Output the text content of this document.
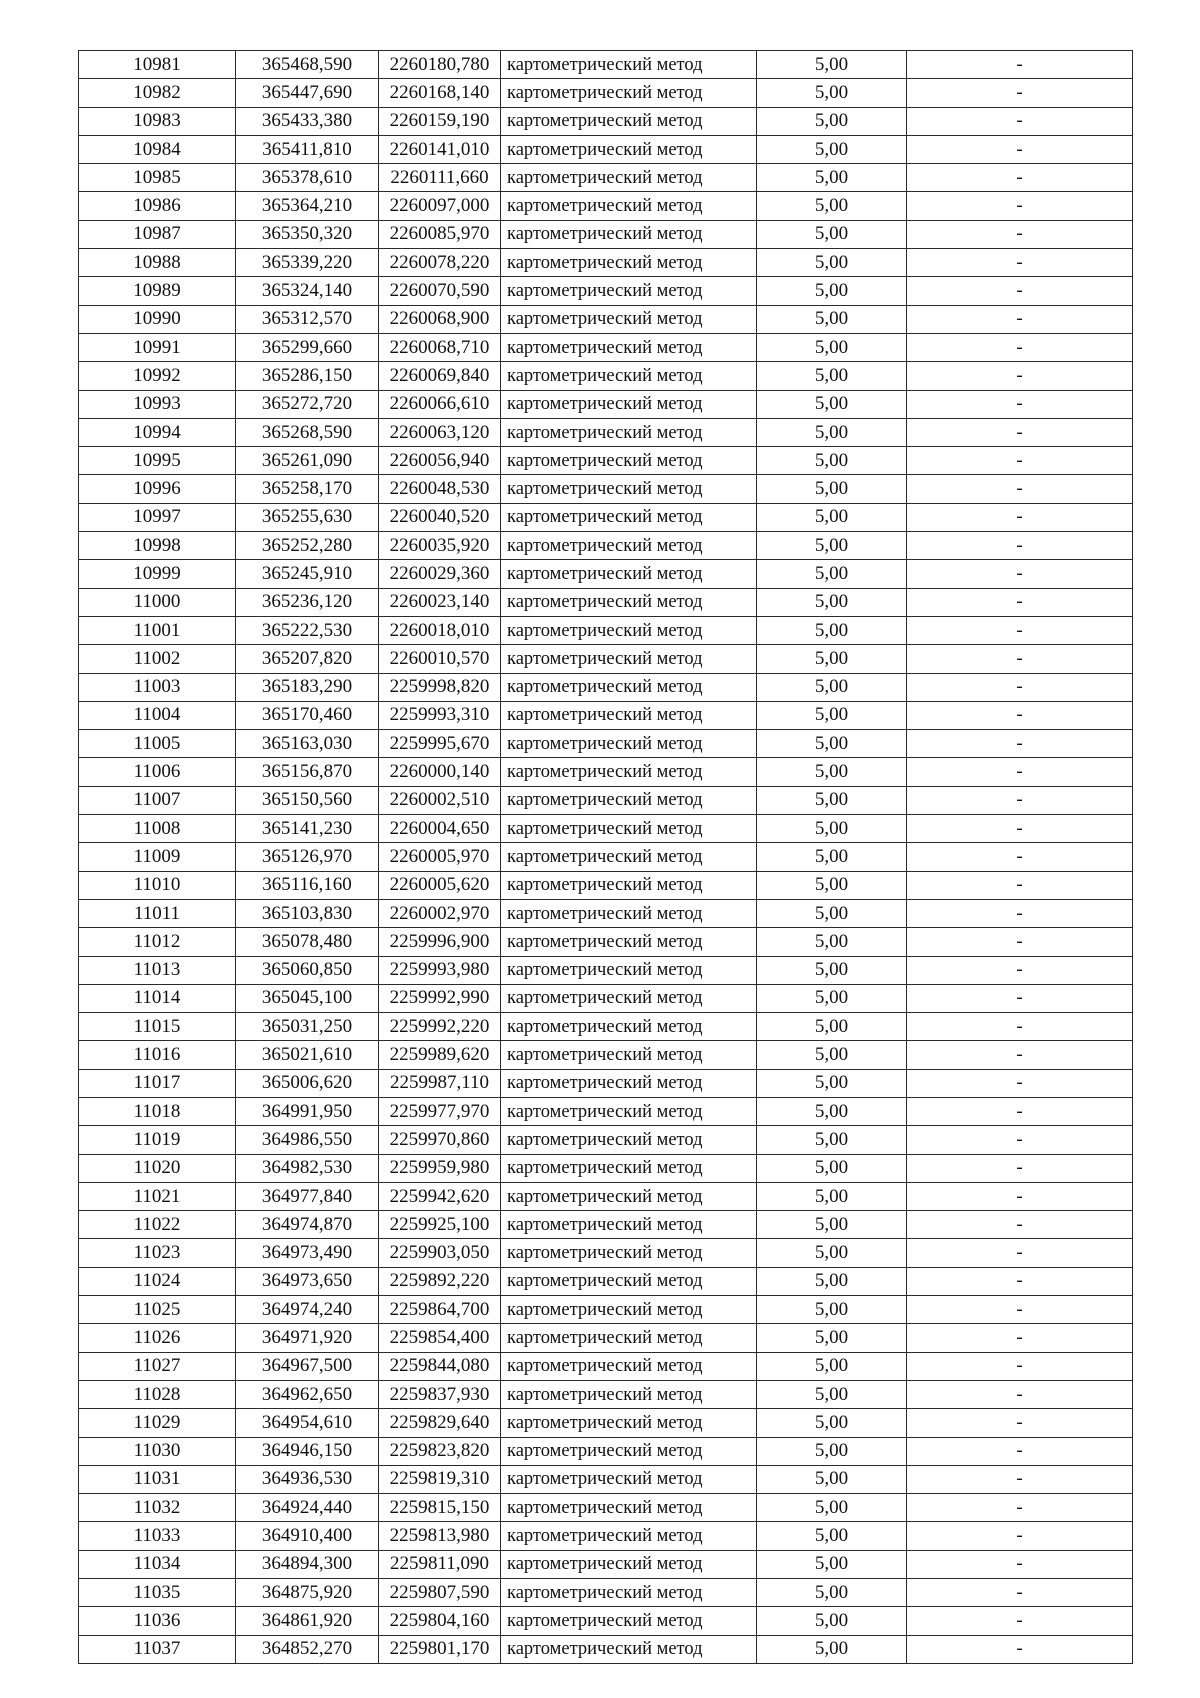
10981	365468,590	2260180,780	картометрический метод	5,00	-
10982	365447,690	2260168,140	картометрический метод	5,00	-
10983	365433,380	2260159,190	картометрический метод	5,00	-
10984	365411,810	2260141,010	картометрический метод	5,00	-
10985	365378,610	2260111,660	картометрический метод	5,00	-
10986	365364,210	2260097,000	картометрический метод	5,00	-
10987	365350,320	2260085,970	картометрический метод	5,00	-
10988	365339,220	2260078,220	картометрический метод	5,00	-
10989	365324,140	2260070,590	картометрический метод	5,00	-
10990	365312,570	2260068,900	картометрический метод	5,00	-
10991	365299,660	2260068,710	картометрический метод	5,00	-
10992	365286,150	2260069,840	картометрический метод	5,00	-
10993	365272,720	2260066,610	картометрический метод	5,00	-
10994	365268,590	2260063,120	картометрический метод	5,00	-
10995	365261,090	2260056,940	картометрический метод	5,00	-
10996	365258,170	2260048,530	картометрический метод	5,00	-
10997	365255,630	2260040,520	картометрический метод	5,00	-
10998	365252,280	2260035,920	картометрический метод	5,00	-
10999	365245,910	2260029,360	картометрический метод	5,00	-
11000	365236,120	2260023,140	картометрический метод	5,00	-
11001	365222,530	2260018,010	картометрический метод	5,00	-
11002	365207,820	2260010,570	картометрический метод	5,00	-
11003	365183,290	2259998,820	картометрический метод	5,00	-
11004	365170,460	2259993,310	картометрический метод	5,00	-
11005	365163,030	2259995,670	картометрический метод	5,00	-
11006	365156,870	2260000,140	картометрический метод	5,00	-
11007	365150,560	2260002,510	картометрический метод	5,00	-
11008	365141,230	2260004,650	картометрический метод	5,00	-
11009	365126,970	2260005,970	картометрический метод	5,00	-
11010	365116,160	2260005,620	картометрический метод	5,00	-
11011	365103,830	2260002,970	картометрический метод	5,00	-
11012	365078,480	2259996,900	картометрический метод	5,00	-
11013	365060,850	2259993,980	картометрический метод	5,00	-
11014	365045,100	2259992,990	картометрический метод	5,00	-
11015	365031,250	2259992,220	картометрический метод	5,00	-
11016	365021,610	2259989,620	картометрический метод	5,00	-
11017	365006,620	2259987,110	картометрический метод	5,00	-
11018	364991,950	2259977,970	картометрический метод	5,00	-
11019	364986,550	2259970,860	картометрический метод	5,00	-
11020	364982,530	2259959,980	картометрический метод	5,00	-
11021	364977,840	2259942,620	картометрический метод	5,00	-
11022	364974,870	2259925,100	картометрический метод	5,00	-
11023	364973,490	2259903,050	картометрический метод	5,00	-
11024	364973,650	2259892,220	картометрический метод	5,00	-
11025	364974,240	2259864,700	картометрический метод	5,00	-
11026	364971,920	2259854,400	картометрический метод	5,00	-
11027	364967,500	2259844,080	картометрический метод	5,00	-
11028	364962,650	2259837,930	картометрический метод	5,00	-
11029	364954,610	2259829,640	картометрический метод	5,00	-
11030	364946,150	2259823,820	картометрический метод	5,00	-
11031	364936,530	2259819,310	картометрический метод	5,00	-
11032	364924,440	2259815,150	картометрический метод	5,00	-
11033	364910,400	2259813,980	картометрический метод	5,00	-
11034	364894,300	2259811,090	картометрический метод	5,00	-
11035	364875,920	2259807,590	картометрический метод	5,00	-
11036	364861,920	2259804,160	картометрический метод	5,00	-
11037	364852,270	2259801,170	картометрический метод	5,00	-
